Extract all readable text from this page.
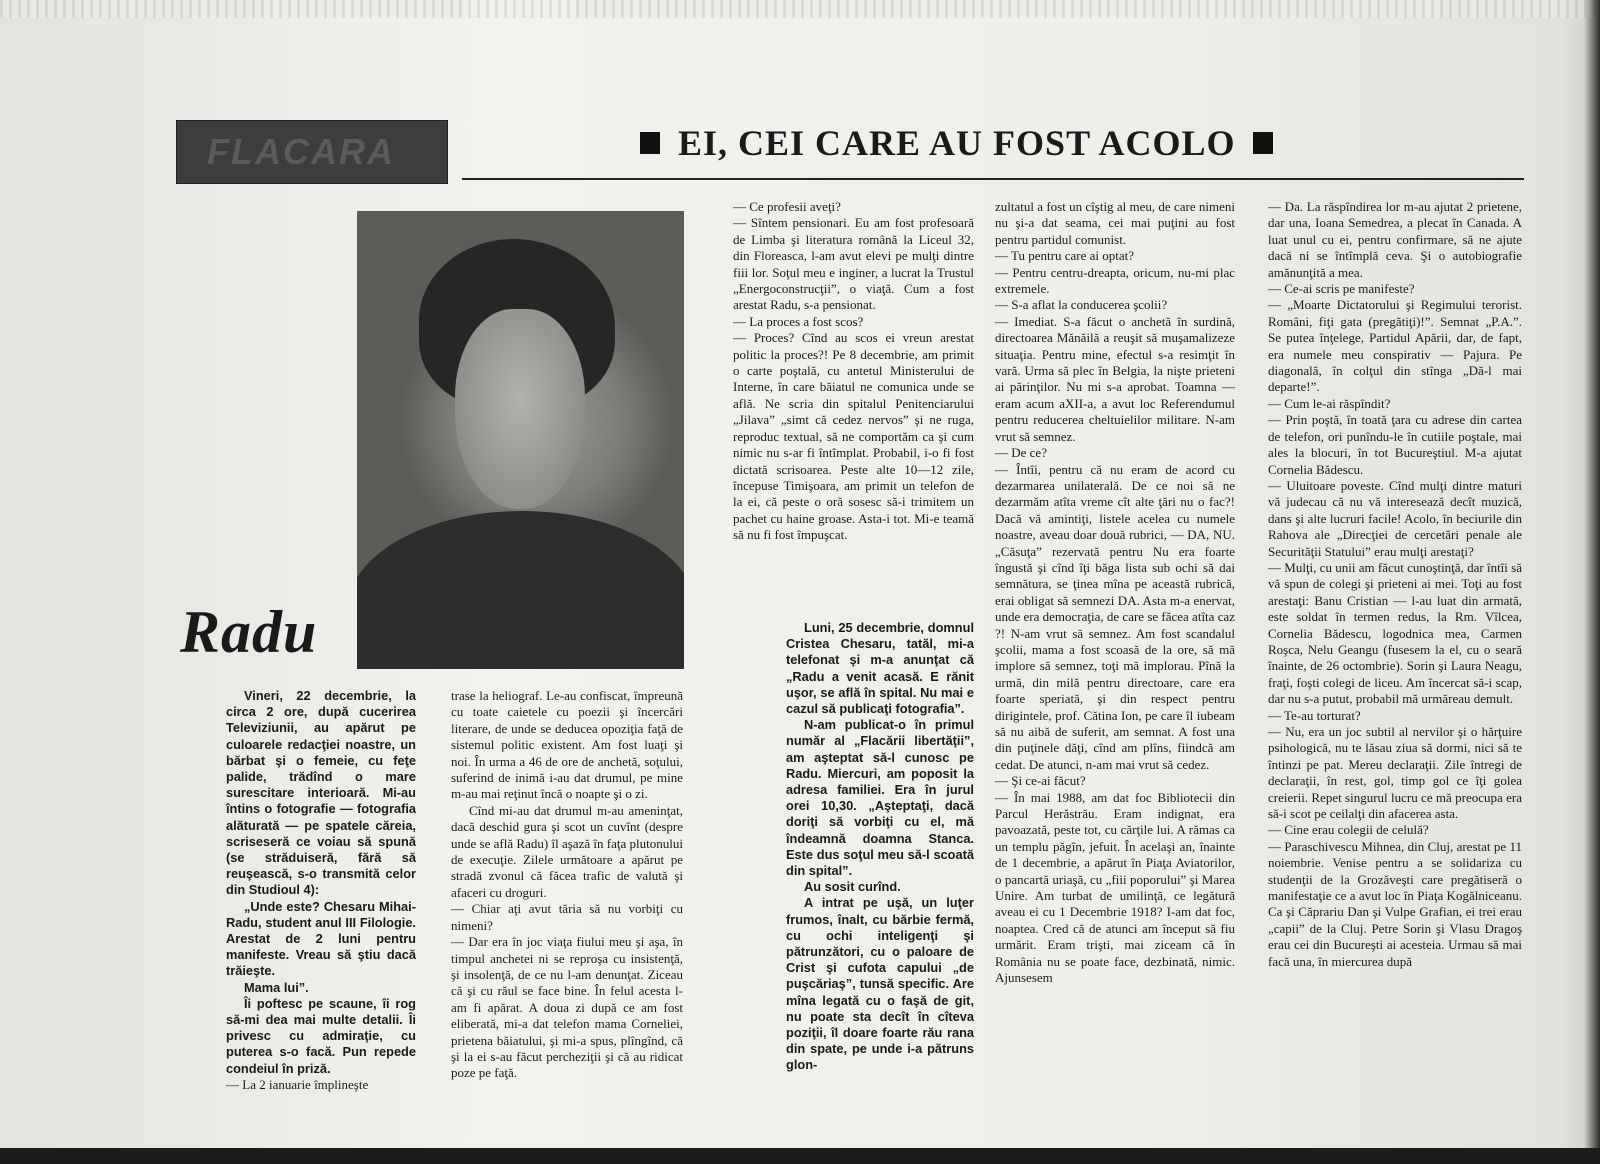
FLACARA	EI, CEI CARE AU FOST ACOLO
Radu

Vineri, 22 decembrie, la circa 2 ore, după cucerirea Televiziunii, au apărut pe culoarele redacţiei noastre, un bărbat şi o femeie, cu feţe palide, trădînd o mare surescitare interioară. Mi-au întins o fotografie — fotografia alăturată — pe spatele căreia, scriseseră ce voiau să spună (se străduiseră, fără să reuşească, s-o transmită celor din Studioul 4):

„Unde este? Chesaru Mihai-Radu, student anul III Filologie. Arestat de 2 luni pentru manifeste. Vreau să ştiu dacă trăieşte.

Mama lui”.

Îi poftesc pe scaune, îi rog să-mi dea mai multe detalii. Îi privesc cu admiraţie, cu puterea s-o facă. Pun repede condeiul în priză.

— La 2 ianuarie împlineşte

trase la heliograf. Le-au confiscat, împreună cu toate caietele cu poezii şi încercări literare, de unde se deducea opoziţia faţă de sistemul politic existent. Am fost luaţi şi noi. În urma a 46 de ore de anchetă, soţului, suferind de inimă i-au dat drumul, pe mine m-au mai reţinut încă o noapte şi o zi.

Cînd mi-au dat drumul m-au ameninţat, dacă deschid gura şi scot un cuvînt (despre unde se află Radu) îl aşază în faţa plutonului de execuţie. Zilele următoare a apărut pe stradă zvonul că făcea trafic de valută şi afaceri cu droguri.

— Chiar aţi avut tăria să nu vorbiţi cu nimeni?

— Dar era în joc viaţa fiului meu şi aşa, în timpul anchetei ni se reproşa cu insistenţă, şi insolenţă, de ce nu l-am denunţat. Ziceau că şi cu răul se face bine. În felul acesta l-am fi apărat. A doua zi după ce am fost eliberată, mi-a dat telefon mama Corneliei, prietena băiatului, şi mi-a spus, plîngînd, că şi la ei s-au făcut percheziţii şi că au ridicat poze pe faţă.

— Ce profesii aveţi?

— Sîntem pensionari. Eu am fost profesoară de Limba şi literatura română la Liceul 32, din Floreasca, l-am avut elevi pe mulţi dintre fiii lor. Soţul meu e inginer, a lucrat la Trustul „Energoconstrucţii”, o viaţă. Cum a fost arestat Radu, s-a pensionat.

— La proces a fost scos?

— Proces? Cînd au scos ei vreun arestat politic la proces?! Pe 8 decembrie, am primit o carte poştală, cu antetul Ministerului de Interne, în care băiatul ne comunica unde se află. Ne scria din spitalul Penitenciarului „Jilava” „simt că cedez nervos” şi ne ruga, reproduc textual, să ne comportăm ca şi cum nimic nu s-ar fi întîmplat. Probabil, i-o fi fost dictată scrisoarea. Peste alte 10—12 zile, începuse Timişoara, am primit un telefon de la ei, că peste o oră sosesc să-i trimitem un pachet cu haine groase. Asta-i tot. Mi-e teamă să nu fi fost împuşcat.

Luni, 25 decembrie, domnul Cristea Chesaru, tatăl, mi-a telefonat şi m-a anunţat că „Radu a venit acasă. E rănit uşor, se află în spital. Nu mai e cazul să publicaţi fotografia”.

N-am publicat-o în primul număr al „Flacării libertăţii”, am aşteptat să-l cunosc pe Radu. Miercuri, am poposit la adresa familiei. Era în jurul orei 10,30. „Aşteptaţi, dacă doriţi să vorbiţi cu el, mă îndeamnă doamna Stanca. Este dus soţul meu să-l scoată din spital”.

Au sosit curînd.

A intrat pe uşă, un luţer frumos, înalt, cu bărbie fermă, cu ochi inteligenţi şi pătrunzători, cu o paloare de Crist şi cufota capului „de puşcăriaş”, tunsă specific. Are mîna legată cu o faşă de git, nu poate sta decît în cîteva poziţii, îl doare foarte rău rana din spate, pe unde i-a pătruns glon-

zultatul a fost un cîştig al meu, de care nimeni nu şi-a dat seama, cei mai puţini au fost pentru partidul comunist.

— Tu pentru care ai optat?

— Pentru centru-dreapta, oricum, nu-mi plac extremele.

— S-a aflat la conducerea şcolii?

— Imediat. S-a făcut o anchetă în surdină, directoarea Mănăilă a reuşit să muşamalizeze situaţia. Pentru mine, efectul s-a resimţit în vară. Urma să plec în Belgia, la nişte prieteni ai părinţilor. Nu mi s-a aprobat. Toamna — eram acum aXII-a, a avut loc Referendumul pentru reducerea cheltuielilor militare. N-am vrut să semnez.

— De ce?

— Întîi, pentru că nu eram de acord cu dezarmarea unilaterală. De ce noi să ne dezarmăm atîta vreme cît alte ţări nu o fac?! Dacă vă amintiţi, listele acelea cu numele noastre, aveau doar două rubrici, — DA, NU. „Căsuţa” rezervată pentru Nu era foarte îngustă şi cînd îţi băga lista sub ochi să dai semnătura, se ţinea mîna pe această rubrică, erai obligat să semnezi DA. Asta m-a enervat, unde era democraţia, de care se făcea atîta caz ?! N-am vrut să semnez. Am fost scandalul şcolii, mama a fost scoasă de la ore, să mă implore să semnez, toţi mă implorau. Pînă la urmă, din milă pentru directoare, care era foarte speriată, şi din respect pentru dirigintele, prof. Cătina Ion, pe care îl iubeam să nu aibă de suferit, am semnat. A fost una din puţinele dăţi, cînd am plîns, fiindcă am cedat. De atunci, n-am mai vrut să cedez.

— Şi ce-ai făcut?

— În mai 1988, am dat foc Bibliotecii din Parcul Herăstrău. Eram indignat, era pavoazată, peste tot, cu cărţile lui. A rămas ca un templu păgîn, jefuit. În acelaşi an, înainte de 1 decembrie, a apărut în Piaţa Aviatorilor, o pancartă uriaşă, cu „fiii poporului” şi Marea Unire. Am turbat de umilinţă, ce legătură aveau ei cu 1 Decembrie 1918? I-am dat foc, noaptea. Cred că de atunci am început să fiu urmărit. Eram trişti, mai ziceam că în România nu se poate face, dezbinată, nimic. Ajunsesem

— Da. La răspîndirea lor m-au ajutat 2 prietene, dar una, Ioana Semedrea, a plecat în Canada. A luat unul cu ei, pentru confirmare, să ne ajute dacă ni se întîmplă ceva. Şi o autobiografie amănunţită a mea.

— Ce-ai scris pe manifeste?

— „Moarte Dictatorului şi Regimului terorist. Români, fiţi gata (pregătiţi)!”. Semnat „P.A.”. Se putea înţelege, Partidul Apării, dar, de fapt, era numele meu conspirativ — Pajura. Pe diagonală, în colţul din stînga „Dă-l mai departe!”.

— Cum le-ai răspîndit?

— Prin poştă, în toată ţara cu adrese din cartea de telefon, ori punîndu-le în cutiile poştale, mai ales la blocuri, în tot Bucureştiul. M-a ajutat Cornelia Bădescu.

— Uluitoare poveste. Cînd mulţi dintre maturi vă judecau că nu vă interesează decît muzică, dans şi alte lucruri facile! Acolo, în beciurile din Rahova ale „Direcţiei de cercetări penale ale Securităţii Statului” erau mulţi arestaţi?

— Mulţi, cu unii am făcut cunoştinţă, dar întîi să vă spun de colegi şi prieteni ai mei. Toţi au fost arestaţi: Banu Cristian — l-au luat din armată, este soldat în termen redus, la Rm. Vîlcea, Cornelia Bădescu, logodnica mea, Carmen Roşca, Nelu Geangu (fusesem la el, cu o seară înainte, de 26 octombrie). Sorin şi Laura Neagu, fraţi, foşti colegi de liceu. Am încercat să-i scap, dar nu s-a putut, probabil mă urmăreau demult.

— Te-au torturat?

— Nu, era un joc subtil al nervilor şi o hărţuire psihologică, nu te lăsau ziua să dormi, nici să te întinzi pe pat. Mereu declaraţii. Zile întregi de declaraţii, în rest, gol, timp gol ce îţi golea creierii. Repet singurul lucru ce mă preocupa era să-i scot pe ceilalţi din afacerea asta.

— Cine erau colegii de celulă?

— Paraschivescu Mihnea, din Cluj, arestat pe 11 noiembrie. Venise pentru a se solidariza cu studenţii de la Grozăveşti care pregătiseră o manifestaţie ce a avut loc în Piaţa Kogălniceanu. Ca şi Căprariu Dan şi Vulpe Grafian, ei trei erau „capii” de la Cluj. Petre Sorin şi Vlasu Dragoş erau cei din Bucureşti ai acesteia. Urmau să mai facă una, în miercurea după
